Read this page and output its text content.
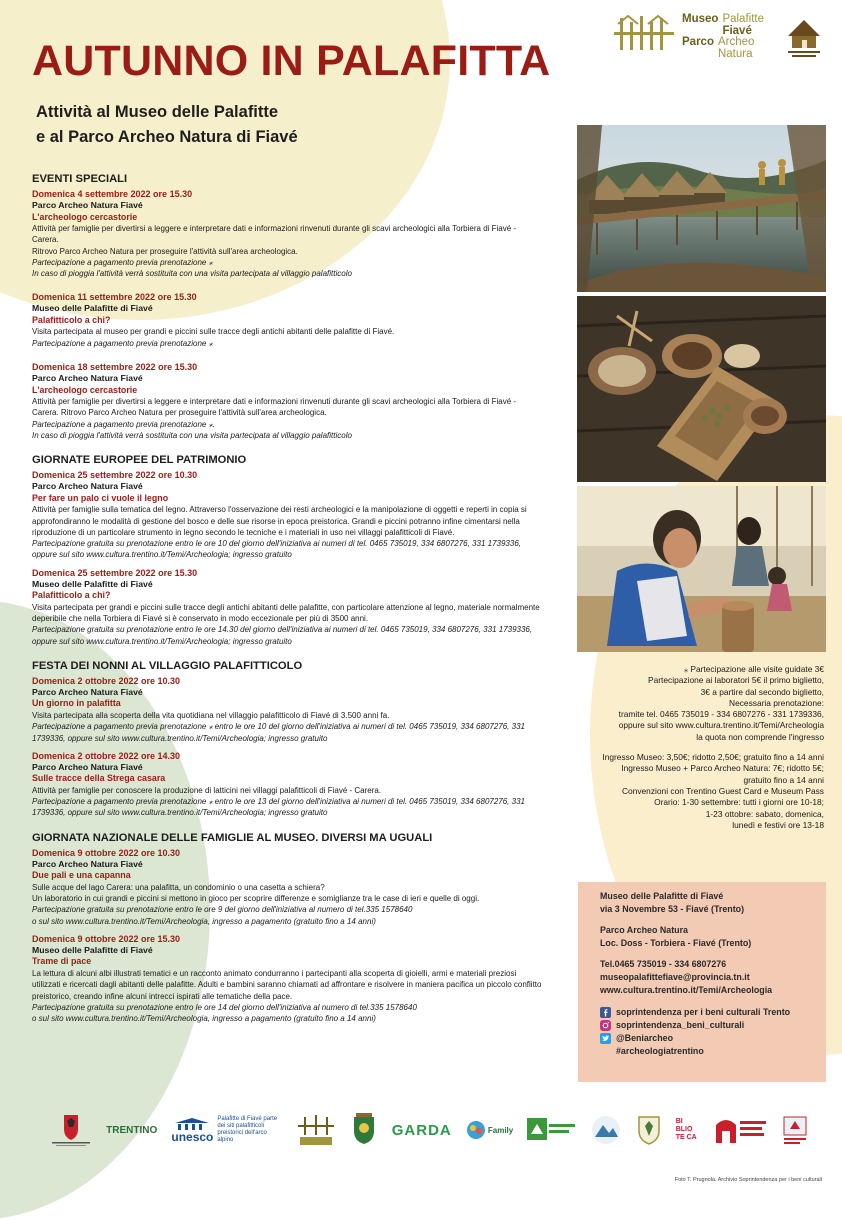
AUTUNNO IN PALAFITTA
Attività al Museo delle Palafitte
e al Parco Archeo Natura di Fiavé
Museo Palafitte
Fiavé
Parco Archeo
Natura
EVENTI SPECIALI
Domenica 4 settembre 2022 ore 15.30
Parco Archeo Natura Fiavé
L'archeologo cercastorie

Attività per famiglie per divertirsi a leggere e interpretare dati e informazioni rinvenuti durante gli scavi archeologici alla Torbiera di Fiavé - Carera.

Ritrovo Parco Archeo Natura per proseguire l'attività sull'area archeologica.

Partecipazione a pagamento previa prenotazione ⁎

In caso di pioggia l'attività verrà sostituita con una visita partecipata al villaggio palafitticolo

Domenica 11 settembre 2022 ore 15.30
Museo delle Palafitte di Fiavé
Palafitticolo a chi?

Visita partecipata al museo per grandi e piccini sulle tracce degli antichi abitanti delle palafitte di Fiavé.

Partecipazione a pagamento previa prenotazione ⁎

Domenica 18 settembre 2022 ore 15.30
Parco Archeo Natura Fiavé
L'archeologo cercastorie

Attività per famiglie per divertirsi a leggere e interpretare dati e informazioni rinvenuti durante gli scavi archeologici alla Torbiera di Fiavé - Carera. Ritrovo Parco Archeo Natura per proseguire l'attività sull'area archeologica.

Partecipazione a pagamento previa prenotazione ⁎.

In caso di pioggia l'attività verrà sostituita con una visita partecipata al villaggio palafitticolo

GIORNATE EUROPEE DEL PATRIMONIO
Domenica 25 settembre 2022 ore 10.30
Parco Archeo Natura Fiavé
Per fare un palo ci vuole il legno

Attività per famiglie sulla tematica del legno. Attraverso l'osservazione dei resti archeologici e la manipolazione di oggetti e reperti in copia si approfondiranno le modalità di gestione del bosco e delle sue risorse in epoca preistorica. Grandi e piccini potranno infine cimentarsi nella riproduzione di un particolare strumento in legno secondo le tecniche e i materiali in uso nei villaggi palafitticoli di Fiavé.

Partecipazione gratuita su prenotazione entro le ore 10 del giorno dell'iniziativa ai numeri di tel. 0465 735019, 334 6807276, 331 1739336, oppure sul sito www.cultura.trentino.it/Temi/Archeologia; ingresso gratuito

Domenica 25 settembre 2022 ore 15.30
Museo delle Palafitte di Fiavé
Palafitticolo a chi?

Visita partecipata per grandi e piccini sulle tracce degli antichi abitanti delle palafitte, con particolare attenzione al legno, materiale normalmente deperibile che nella Torbiera di Fiavé si è conservato in modo eccezionale per più di 3500 anni.

Partecipazione gratuita su prenotazione entro le ore 14.30 del giorno dell'iniziativa ai numeri di tel. 0465 735019, 334 6807276, 331 1739336, oppure sul sito www.cultura.trentino.it/Temi/Archeologia; ingresso gratuito

FESTA DEI NONNI AL VILLAGGIO PALAFITTICOLO
Domenica 2 ottobre 2022 ore 10.30
Parco Archeo Natura Fiavé
Un giorno in palafitta

Visita partecipata alla scoperta della vita quotidiana nel villaggio palafitticolo di Fiavé di 3.500 anni fa.

Partecipazione a pagamento previa prenotazione ⁎ entro le ore 10 del giorno dell'iniziativa ai numeri di tel. 0465 735019, 334 6807276, 331 1739336, oppure sul sito www.cultura.trentino.it/Temi/Archeologia; ingresso gratuito

Domenica 2 ottobre 2022 ore 14.30
Parco Archeo Natura Fiavé
Sulle tracce della Strega casara

Attività per famiglie per conoscere la produzione di latticini nei villaggi palafitticoli di Fiavé - Carera.

Partecipazione a pagamento previa prenotazione ⁎ entro le ore 13 del giorno dell'iniziativa ai numeri di tel. 0465 735019, 334 6807276, 331 1739336, oppure sul sito www.cultura.trentino.it/Temi/Archeologia; ingresso gratuito

GIORNATA NAZIONALE DELLE FAMIGLIE AL MUSEO. DIVERSI MA UGUALI
Domenica 9 ottobre 2022 ore 10.30
Parco Archeo Natura Fiavé
Due pali e una capanna

Sulle acque del lago Carera: una palafitta, un condominio o una casetta a schiera?

Un laboratorio in cui grandi e piccini si mettono in gioco per scoprire differenze e somiglianze tra le case di ieri e quelle di oggi.

Partecipazione gratuita su prenotazione entro le ore 9 del giorno dell'iniziativa al numero di tel.335 1578640

o sul sito www.cultura.trentino.it/Temi/Archeologia, ingresso a pagamento (gratuito fino a 14 anni)

Domenica 9 ottobre 2022 ore 15.30
Museo delle Palafitte di Fiavé
Trame di pace

La lettura di alcuni albi illustrati tematici e un racconto animato condurranno i partecipanti alla scoperta di gioielli, armi e materiali preziosi utilizzati e ricercati dagli abitanti delle palafitte. Adulti e bambini saranno chiamati ad affrontare e risolvere in maniera pacifica un piccolo conflitto preistorico, creando infine alcuni intrecci ispirati alle tematiche della pace.

Partecipazione gratuita su prenotazione entro le ore 14 del giorno dell'iniziativa al numero di tel.335 1578640

o sul sito www.cultura.trentino.it/Temi/Archeologia, ingresso a pagamento (gratuito fino a 14 anni)

⁎ Partecipazione alle visite guidate 3€
Partecipazione ai laboratori 5€ il primo biglietto,
3€ a partire dal secondo biglietto,
Necessaria prenotazione:
tramite tel. 0465 735019 - 334 6807276 - 331 1739336,
oppure sul sito www.cultura.trentino.it/Temi/Archeologia
la quota non comprende l'ingresso
Ingresso Museo: 3,50€; ridotto 2,50€; gratuito fino a 14 anni
Ingresso Museo + Parco Archeo Natura: 7€; ridotto 5€;
gratuito fino a 14 anni
Convenzioni con Trentino Guest Card e Museum Pass
Orario: 1-30 settembre: tutti i giorni ore 10-18;
1-23 ottobre: sabato, domenica,
lunedì e festivi ore 13-18
Museo delle Palafitte di Fiavé
via 3 Novembre 53 - Fiavé (Trento)
Parco Archeo Natura
Loc. Doss - Torbiera - Fiavé (Trento)
Tel.0465 735019 - 334 6807276
museopalafittefiave@provincia.tn.it
www.cultura.trentino.it/Temi/Archeologia
soprintendenza per i beni culturali Trento
soprintendenza_beni_culturali
@Beniarcheo
#archeologiatrentino
TRENTINO unesco
Palafitte di Fiavé parte dei siti palafitticoli preistorici dell'arco alpino
GARDA	Family
BI BLIO TE CA
Foto T. Prugnola. Archivio Soprintendenza per i beni culturali
